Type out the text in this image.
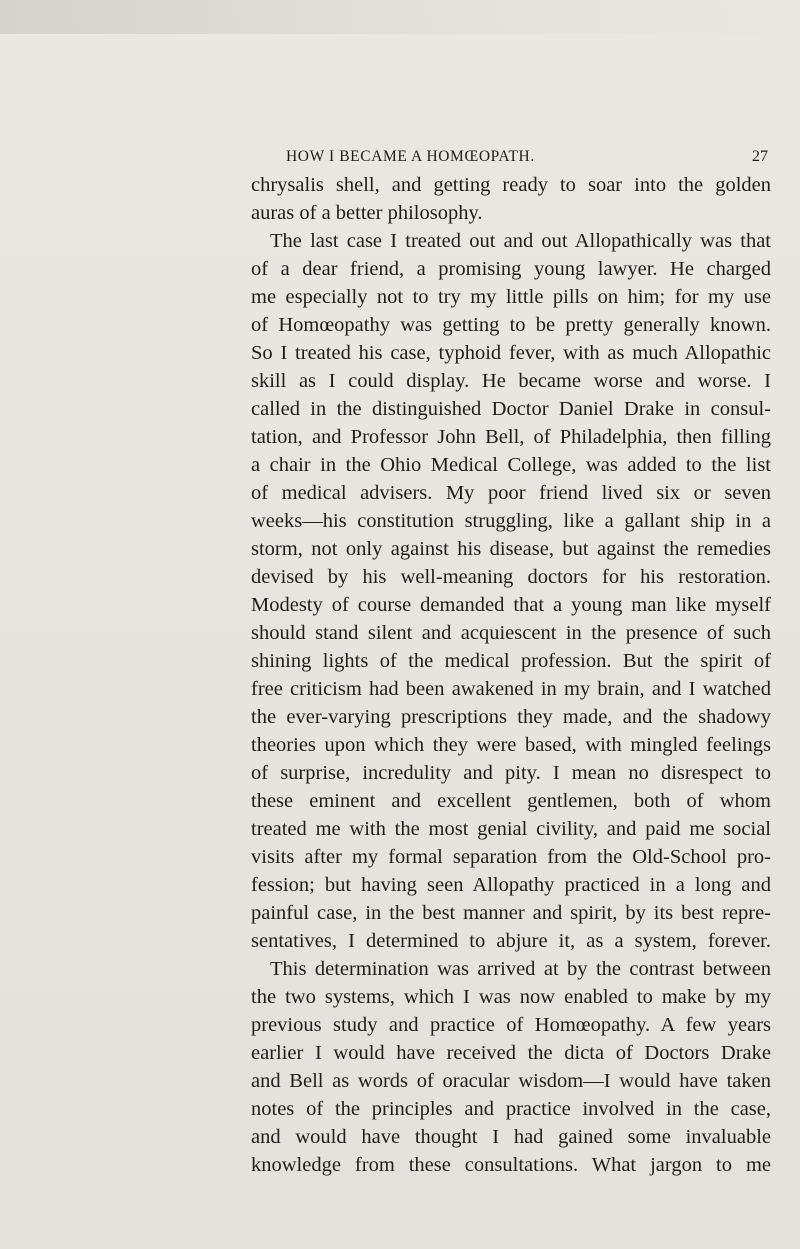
HOW I BECAME A HOMŒOPATH.	27
chrysalis shell, and getting ready to soar into the golden
auras of a better philosophy.
The last case I treated out and out Allopathically was that
of a dear friend, a promising young lawyer. He charged
me especially not to try my little pills on him; for my use
of Homœopathy was getting to be pretty generally known.
So I treated his case, typhoid fever, with as much Allopathic
skill as I could display. He became worse and worse. I
called in the distinguished Doctor Daniel Drake in consul-
tation, and Professor John Bell, of Philadelphia, then filling
a chair in the Ohio Medical College, was added to the list
of medical advisers. My poor friend lived six or seven
weeks—his constitution struggling, like a gallant ship in a
storm, not only against his disease, but against the remedies
devised by his well-meaning doctors for his restoration.
Modesty of course demanded that a young man like myself
should stand silent and acquiescent in the presence of such
shining lights of the medical profession. But the spirit of
free criticism had been awakened in my brain, and I watched
the ever-varying prescriptions they made, and the shadowy
theories upon which they were based, with mingled feelings
of surprise, incredulity and pity. I mean no disrespect to
these eminent and excellent gentlemen, both of whom
treated me with the most genial civility, and paid me social
visits after my formal separation from the Old-School pro-
fession; but having seen Allopathy practiced in a long and
painful case, in the best manner and spirit, by its best repre-
sentatives, I determined to abjure it, as a system, forever.
This determination was arrived at by the contrast between
the two systems, which I was now enabled to make by my
previous study and practice of Homœopathy. A few years
earlier I would have received the dicta of Doctors Drake
and Bell as words of oracular wisdom—I would have taken
notes of the principles and practice involved in the case,
and would have thought I had gained some invaluable
knowledge from these consultations. What jargon to me
